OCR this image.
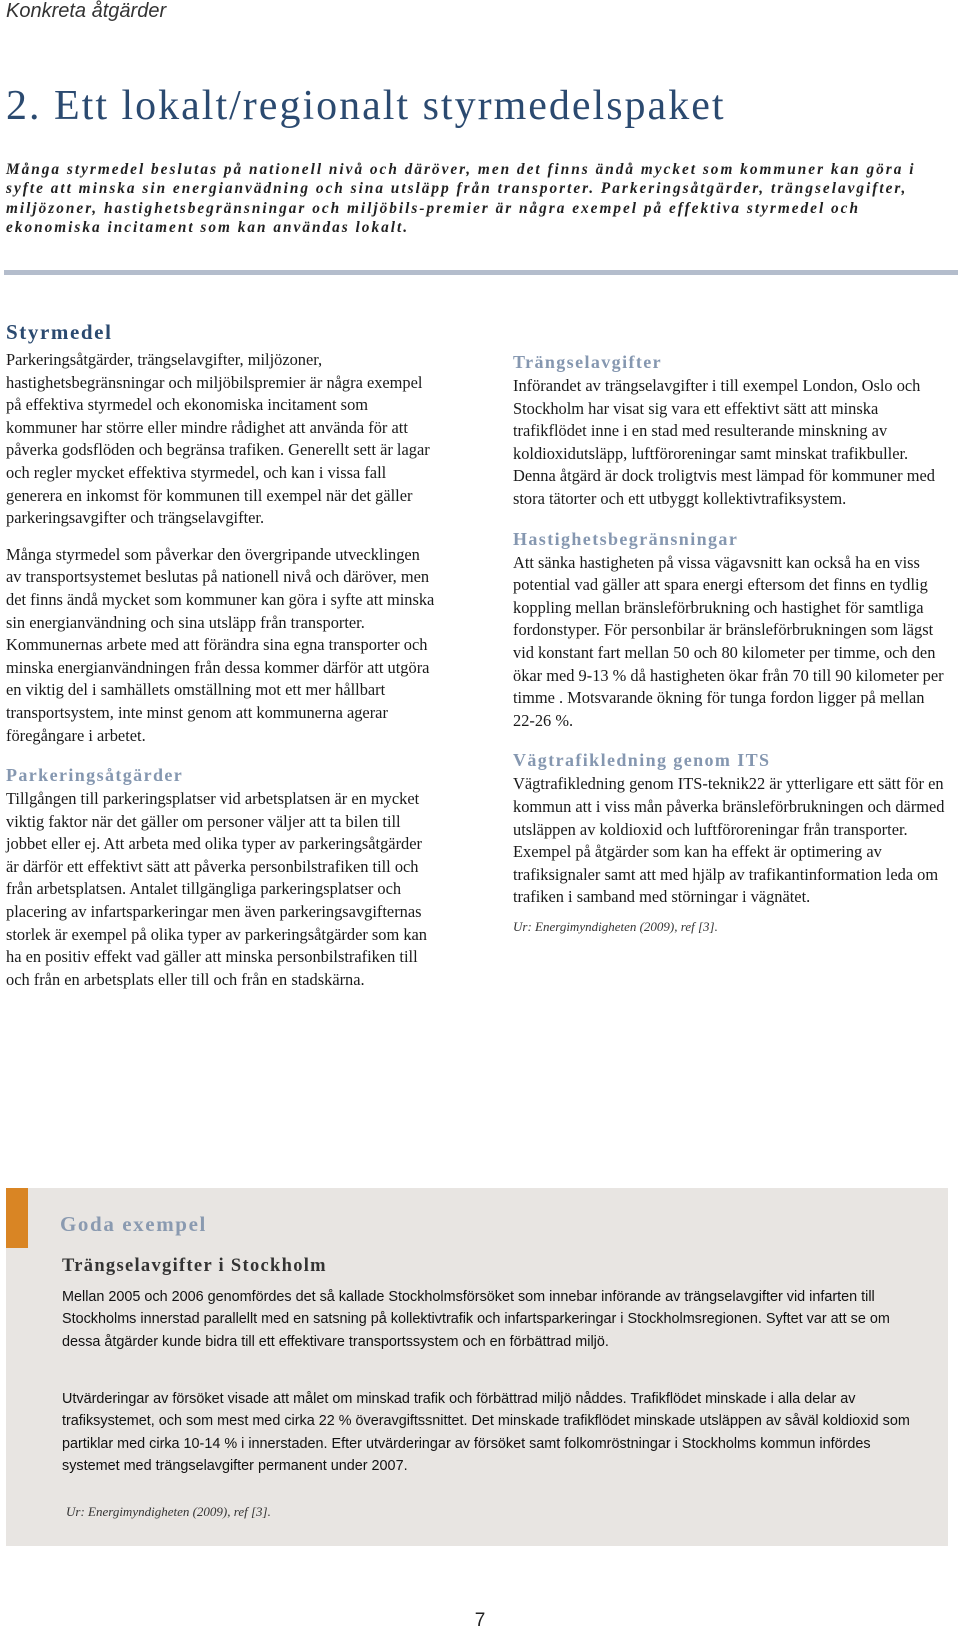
Konkreta åtgärder
2. Ett lokalt/regionalt styrmedelspaket

Många styrmedel beslutas på nationell nivå och däröver, men det finns ändå mycket som kommuner kan göra i syfte att minska sin energianvädning och sina utsläpp från transporter. Parkeringsåtgärder, trängselavgifter, miljözoner, hastighetsbegränsningar och miljöbils-premier är några exempel på effektiva styrmedel och ekonomiska incitament som kan användas lokalt.

Styrmedel

Parkeringsåtgärder, trängselavgifter, miljözoner, hastighetsbegränsningar och miljöbilspremier är några exempel på effektiva styrmedel och ekonomiska incitament som kommuner har större eller mindre rådighet att använda för att påverka godsflöden och begränsa trafiken. Generellt sett är lagar och regler mycket effektiva styrmedel, och kan i vissa fall generera en inkomst för kommunen till exempel när det gäller parkeringsavgifter och trängselavgifter.

Många styrmedel som påverkar den övergripande utvecklingen av transportsystemet beslutas på nationell nivå och däröver, men det finns ändå mycket som kommuner kan göra i syfte att minska sin energianvändning och sina utsläpp från transporter. Kommunernas arbete med att förändra sina egna transporter och minska energianvändningen från dessa kommer därför att utgöra en viktig del i samhällets omställning mot ett mer hållbart transportsystem, inte minst genom att kommunerna agerar föregångare i arbetet.

Parkeringsåtgärder

Tillgången till parkeringsplatser vid arbetsplatsen är en mycket viktig faktor när det gäller om personer väljer att ta bilen till jobbet eller ej. Att arbeta med olika typer av parkeringsåtgärder är därför ett effektivt sätt att påverka personbilstrafiken till och från arbetsplatsen. Antalet tillgängliga parkeringsplatser och placering av infartsparkeringar men även parkeringsavgifternas storlek är exempel på olika typer av parkeringsåtgärder som kan ha en positiv effekt vad gäller att minska personbilstrafiken till och från en arbetsplats eller till och från en stadskärna.

Trängselavgifter

Införandet av trängselavgifter i till exempel London, Oslo och Stockholm har visat sig vara ett effektivt sätt att minska trafikflödet inne i en stad med resulterande minskning av koldioxidutsläpp, luftföroreningar samt minskat trafikbuller. Denna åtgärd är dock troligtvis mest lämpad för kommuner med stora tätorter och ett utbyggt kollektivtrafiksystem.

Hastighetsbegränsningar

Att sänka hastigheten på vissa vägavsnitt kan också ha en viss potential vad gäller att spara energi eftersom det finns en tydlig koppling mellan bränsleförbrukning och hastighet för samtliga fordonstyper. För personbilar är bränsleförbrukningen som lägst vid konstant fart mellan 50 och 80 kilometer per timme, och den ökar med 9-13 % då hastigheten ökar från 70 till 90 kilometer per timme . Motsvarande ökning för tunga fordon ligger på mellan 22-26 %.

Vägtrafikledning genom ITS

Vägtrafikledning genom ITS-teknik22 är ytterligare ett sätt för en kommun att i viss mån påverka bränsleförbrukningen och därmed utsläppen av koldioxid och luftföroreningar från transporter. Exempel på åtgärder som kan ha effekt är optimering av trafiksignaler samt att med hjälp av trafikantinformation leda om trafiken i samband med störningar i vägnätet.

Ur: Energimyndigheten (2009), ref [3].

Goda exempel
Trängselavgifter i Stockholm

Mellan 2005 och 2006 genomfördes det så kallade Stockholmsförsöket som innebar införande av trängselavgifter vid infarten till Stockholms innerstad parallellt med en satsning på kollektivtrafik och infartsparkeringar i Stockholmsregionen. Syftet var att se om dessa åtgärder kunde bidra till ett effektivare transportssystem och en förbättrad miljö.

Utvärderingar av försöket visade att målet om minskad trafik och förbättrad miljö nåddes. Trafikflödet minskade i alla delar av trafiksystemet, och som mest med cirka 22 % överavgiftssnittet. Det minskade trafikflödet minskade utsläppen av såväl koldioxid som partiklar med cirka 10-14 % i innerstaden. Efter utvärderingar av försöket samt folkomröstningar i Stockholms kommun infördes systemet med trängselavgifter permanent under 2007.

Ur: Energimyndigheten (2009), ref [3].

7
